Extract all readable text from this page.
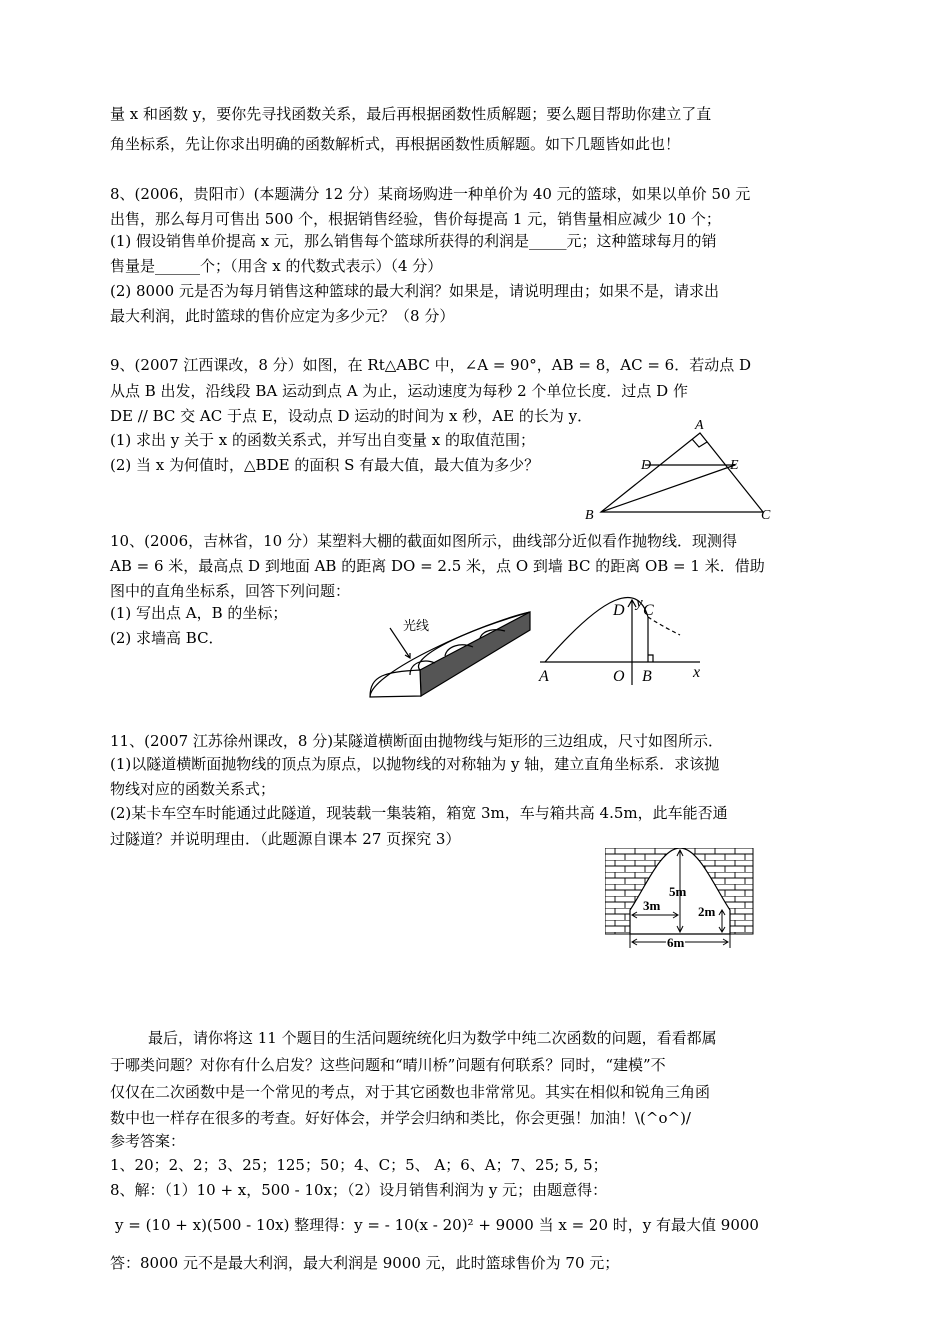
量 x 和函数 y，要你先寻找函数关系，最后再根据函数性质解题；要么题目帮助你建立了直
角坐标系，先让你求出明确的函数解析式，再根据函数性质解题。如下几题皆如此也！
8、(2006，贵阳市）(本题满分 12 分）某商场购进一种单价为 40 元的篮球，如果以单价 50 元
出售，那么每月可售出 500 个，根据销售经验，售价每提高 1 元，销售量相应减少 10 个；
(1) 假设销售单价提高 x 元，那么销售每个篮球所获得的利润是_____元；这种篮球每月的销
售量是______个；（用含 x 的代数式表示）（4 分）
(2) 8000 元是否为每月销售这种篮球的最大利润？如果是，请说明理由；如果不是，请求出
最大利润，此时篮球的售价应定为多少元？（8 分）
9、(2007 江西课改，8 分）如图，在 Rt△ABC 中，∠A = 90°，AB = 8，AC = 6．若动点 D
从点 B 出发，沿线段 BA 运动到点 A 为止，运动速度为每秒 2 个单位长度．过点 D 作
DE // BC 交 AC 于点 E，设动点 D 运动的时间为 x 秒，AE 的长为 y．
(1) 求出 y 关于 x 的函数关系式，并写出自变量 x 的取值范围；
(2) 当 x 为何值时，△BDE 的面积 S 有最大值，最大值为多少？
A
B	C
D	E
10、(2006，吉林省，10 分）某塑料大棚的截面如图所示，曲线部分近似看作抛物线．现测得
AB = 6 米，最高点 D 到地面 AB 的距离 DO = 2.5 米，点 O 到墙 BC 的距离 OB = 1 米．借助
图中的直角坐标系，回答下列问题：
(1) 写出点 A，B 的坐标；
(2) 求墙高 BC．
光线
D C
y
A	O B	x
11、(2007 江苏徐州课改，8 分)某隧道横断面由抛物线与矩形的三边组成，尺寸如图所示．
(1)以隧道横断面抛物线的顶点为原点，以抛物线的对称轴为 y 轴，建立直角坐标系．求该抛
物线对应的函数关系式；
(2)某卡车空车时能通过此隧道，现装载一集装箱，箱宽 3m，车与箱共高 4.5m，此车能否通
过隧道？并说明理由．（此题源自课本 27 页探究 3）
5m
3m	2m
6m
最后，请你将这 11 个题目的生活问题统统化归为数学中纯二次函数的问题，看看都属
于哪类问题？对你有什么启发？这些问题和“晴川桥”问题有何联系？同时，“建模”不
仅仅在二次函数中是一个常见的考点，对于其它函数也非常常见。其实在相似和锐角三角函
数中也一样存在很多的考查。好好体会，并学会归纳和类比，你会更强！加油！\(^o^)/
参考答案：
1、20；2、2；3、25；125；50；4、C；5、 A；6、A；7、25; 5, 5；
8、解：（1）10 + x，500 - 10x；（2）设月销售利润为 y 元；由题意得：
y = (10 + x)(500 - 10x) 整理得：y = - 10(x - 20)² + 9000 当 x = 20 时，y 有最大值 9000
答：8000 元不是最大利润，最大利润是 9000 元，此时篮球售价为 70 元；
